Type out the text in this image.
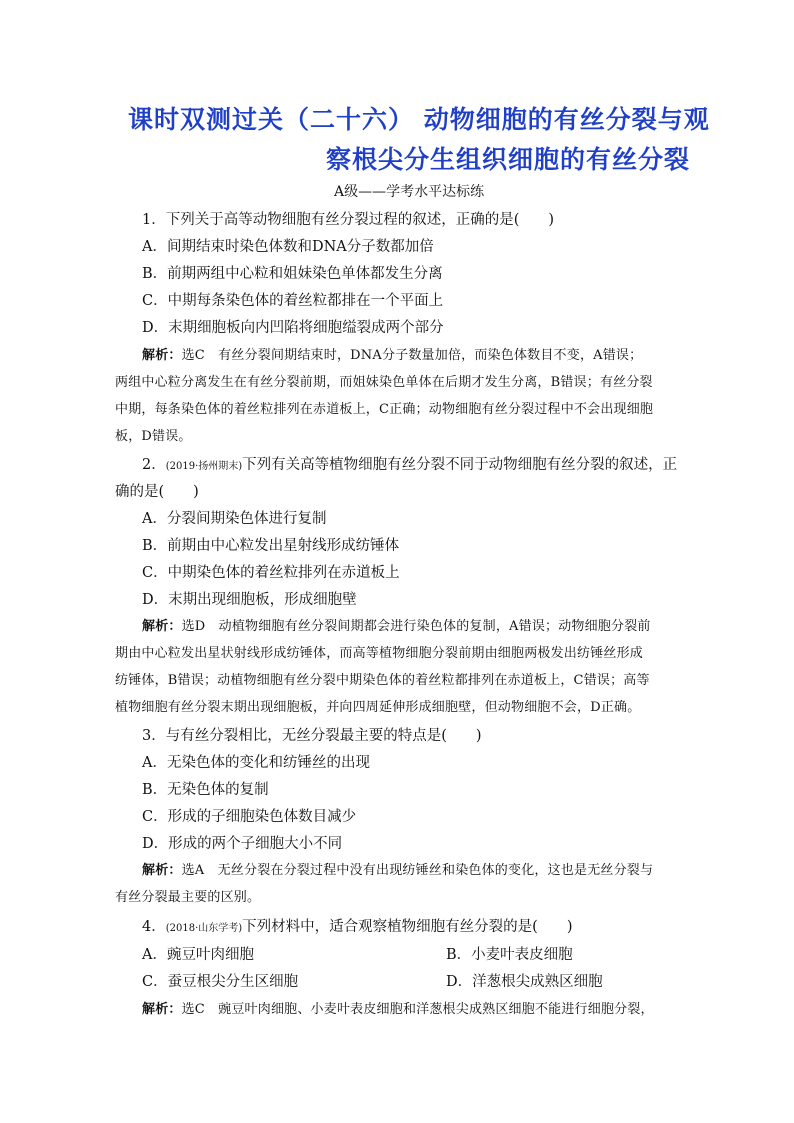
课时双测过关（二十六） 动物细胞的有丝分裂与观
察根尖分生组织细胞的有丝分裂
A级——学考水平达标练
1．下列关于高等动物细胞有丝分裂过程的叙述，正确的是(　　)
A．间期结束时染色体数和DNA分子数都加倍
B．前期两组中心粒和姐妹染色单体都发生分离
C．中期每条染色体的着丝粒都排在一个平面上
D．末期细胞板向内凹陷将细胞缢裂成两个部分
解析：选C　有丝分裂间期结束时，DNA分子数量加倍，而染色体数目不变，A错误；
两组中心粒分离发生在有丝分裂前期，而姐妹染色单体在后期才发生分离，B错误；有丝分裂
中期，每条染色体的着丝粒排列在赤道板上，C正确；动物细胞有丝分裂过程中不会出现细胞
板，D错误。
2．(2019·扬州期末)下列有关高等植物细胞有丝分裂不同于动物细胞有丝分裂的叙述，正
确的是(　　)
A．分裂间期染色体进行复制
B．前期由中心粒发出星射线形成纺锤体
C．中期染色体的着丝粒排列在赤道板上
D．末期出现细胞板，形成细胞壁
解析：选D　动植物细胞有丝分裂间期都会进行染色体的复制，A错误；动物细胞分裂前
期由中心粒发出星状射线形成纺锤体，而高等植物细胞分裂前期由细胞两极发出纺锤丝形成
纺锤体，B错误；动植物细胞有丝分裂中期染色体的着丝粒都排列在赤道板上，C错误；高等
植物细胞有丝分裂末期出现细胞板，并向四周延伸形成细胞壁，但动物细胞不会，D正确。
3．与有丝分裂相比，无丝分裂最主要的特点是(　　)
A．无染色体的变化和纺锤丝的出现
B．无染色体的复制
C．形成的子细胞染色体数目减少
D．形成的两个子细胞大小不同
解析：选A　无丝分裂在分裂过程中没有出现纺锤丝和染色体的变化，这也是无丝分裂与
有丝分裂最主要的区别。
4．(2018·山东学考)下列材料中，适合观察植物细胞有丝分裂的是(　　)
A．豌豆叶肉细胞	B．小麦叶表皮细胞
C．蚕豆根尖分生区细胞	D．洋葱根尖成熟区细胞
解析：选C　豌豆叶肉细胞、小麦叶表皮细胞和洋葱根尖成熟区细胞不能进行细胞分裂，
